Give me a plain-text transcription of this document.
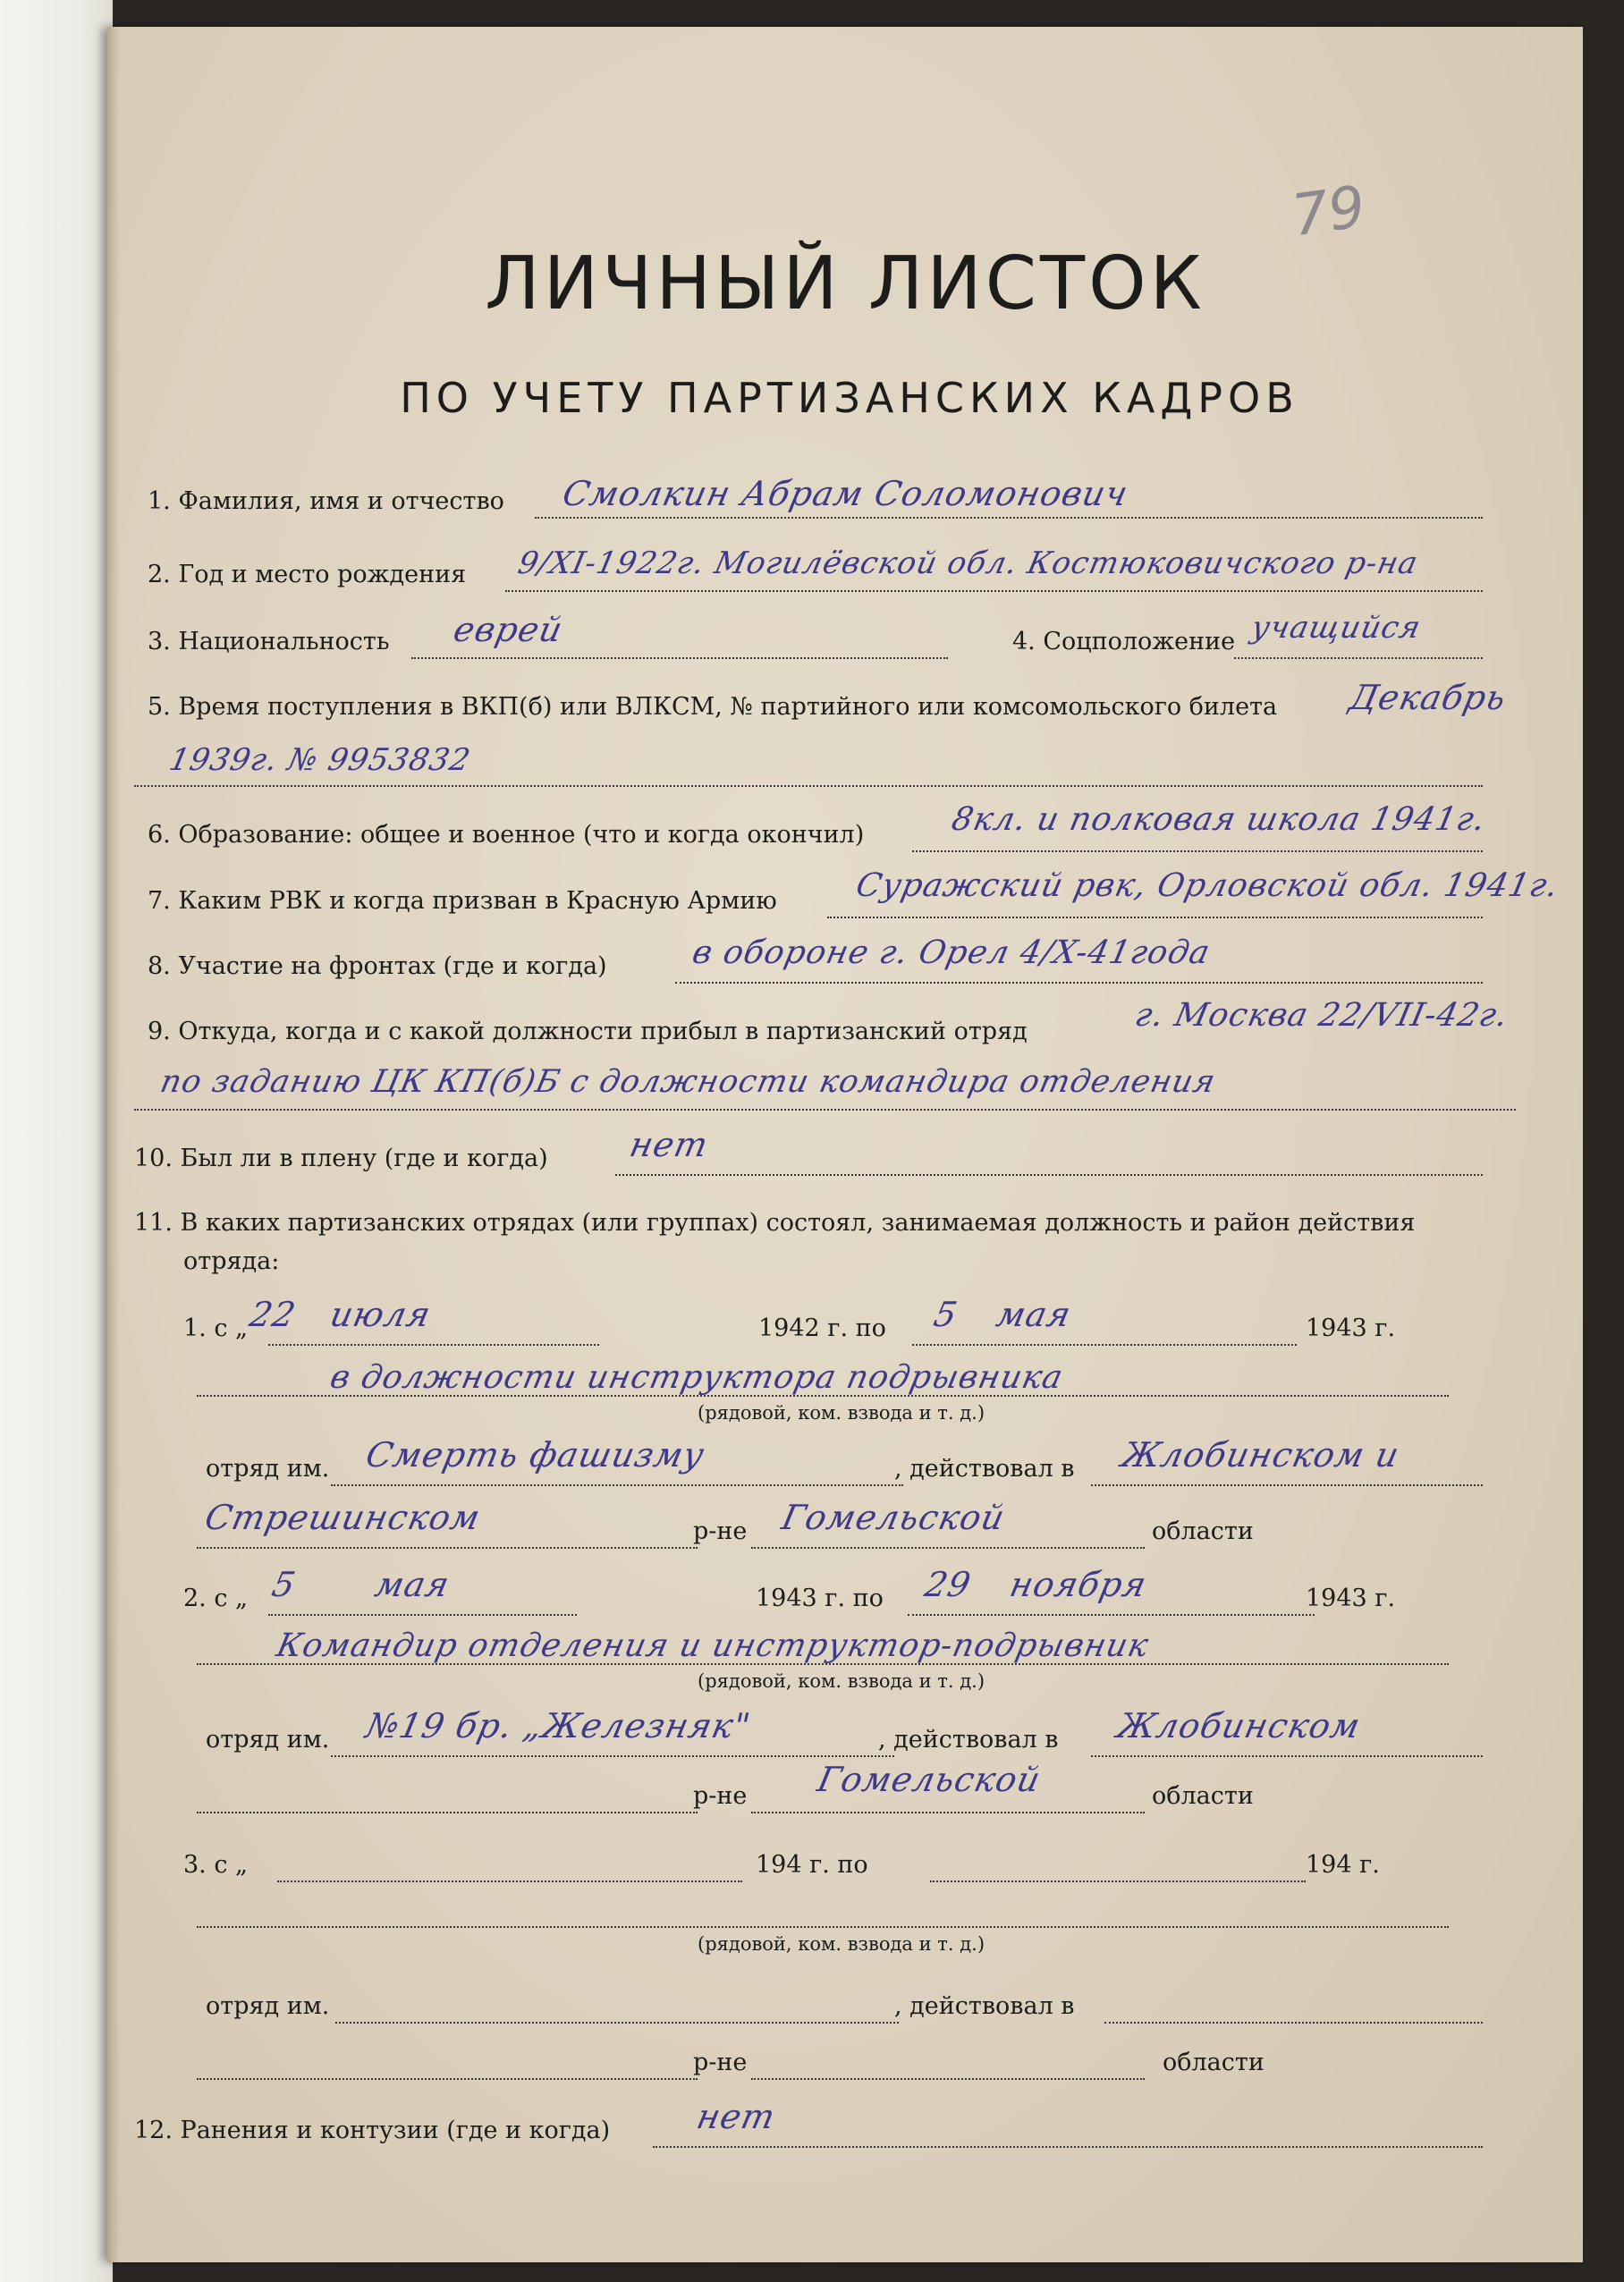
79
ЛИЧНЫЙ ЛИСТОК
ПО УЧЕТУ ПАРТИЗАНСКИХ КАДРОВ
1. Фамилия, имя и отчество Смолкин Абрам Соломонович
2. Год и место рождения 9/XI-1922г. Могилёвской обл. Костюковичского р-на
3. Национальность еврей	4. Соцположение учащийся
5. Время поступления в ВКП(б) или ВЛКСМ, № партийного или комсомольского билета Декабрь
1939г. № 9953832
6. Образование: общее и военное (что и когда окончил)	8кл. и полковая школа 1941г.
7. Каким РВК и когда призван в Красную Армию Суражский рвк, Орловской обл. 1941г.
8. Участие на фронтах (где и когда)	в обороне г. Орел 4/X-41года
9. Откуда, когда и с какой должности прибыл в партизанский отряд	г. Москва 22/VII-42г.
по заданию ЦК КП(б)Б с должности командира отделения
10. Был ли в плену (где и когда) нет
11. В каких партизанских отрядах (или группах) состоял, занимаемая должность и район действия
отряда:
1. с „
22 июля	1942 г. по 5 мая	1943 г.
в должности инструктора подрывника
(рядовой, ком. взвода и т. д.)
отряд им. Смерть фашизму	, действовал в Жлобинском и
Стрешинском	р-не Гомельской	области
2. с „ 5 мая	1943 г. по 29 ноября	1943 г.
Командир отделения и инструктор-подрывник
(рядовой, ком. взвода и т. д.)
отряд им. №19 бр. „Железняк"	, действовал в Жлобинском
р-не Гомельской	области
3. с „	194 г. по	194 г.
(рядовой, ком. взвода и т. д.)
отряд им.	, действовал в
р-не	области
12. Ранения и контузии (где и когда) нет
